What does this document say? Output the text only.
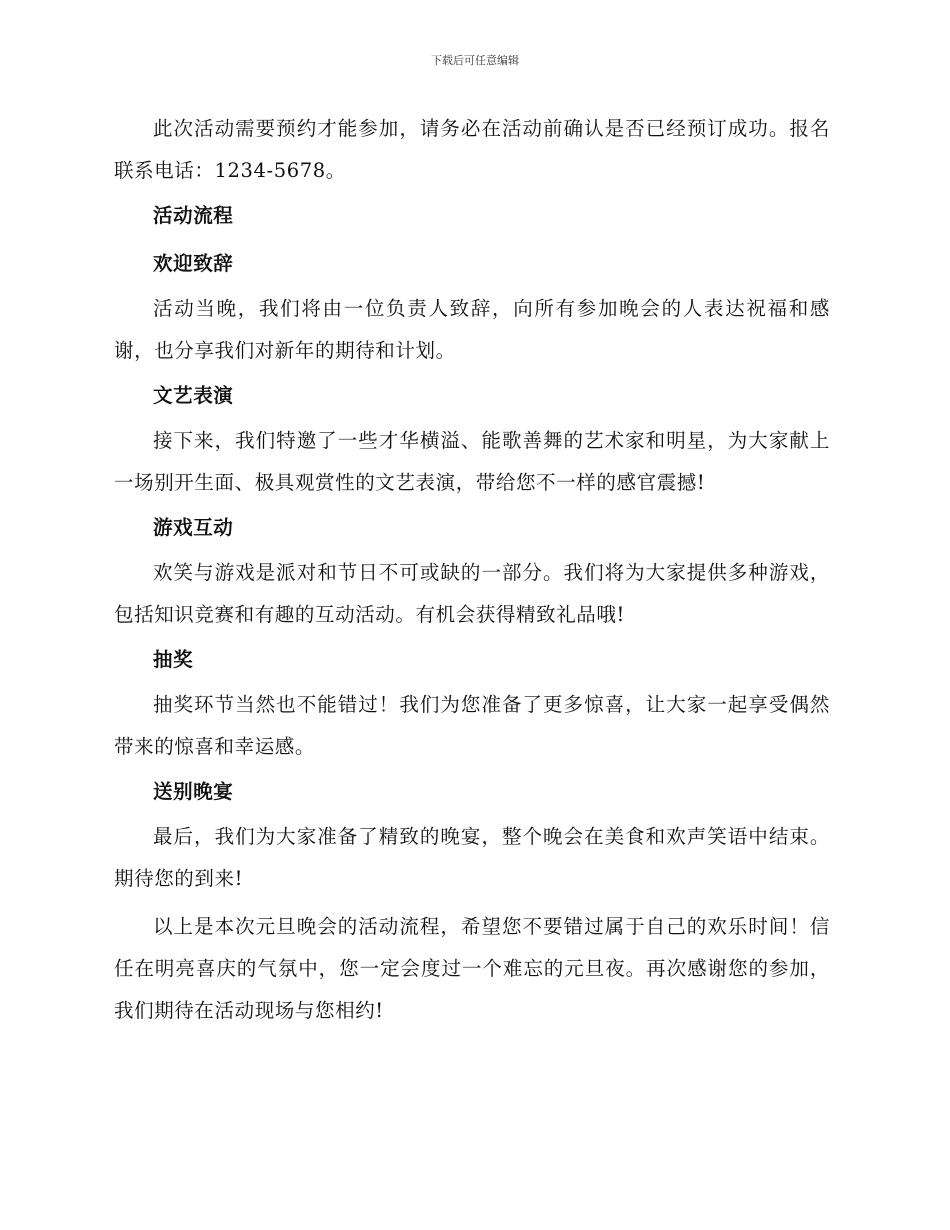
下载后可任意编辑

此次活动需要预约才能参加，请务必在活动前确认是否已经预订成功。报名联系电话：1234-5678。

活动流程

欢迎致辞

活动当晚，我们将由一位负责人致辞，向所有参加晚会的人表达祝福和感谢，也分享我们对新年的期待和计划。

文艺表演

接下来，我们特邀了一些才华横溢、能歌善舞的艺术家和明星，为大家献上一场别开生面、极具观赏性的文艺表演，带给您不一样的感官震撼!

游戏互动

欢笑与游戏是派对和节日不可或缺的一部分。我们将为大家提供多种游戏，包括知识竞赛和有趣的互动活动。有机会获得精致礼品哦!

抽奖

抽奖环节当然也不能错过！我们为您准备了更多惊喜，让大家一起享受偶然带来的惊喜和幸运感。

送别晚宴

最后，我们为大家准备了精致的晚宴，整个晚会在美食和欢声笑语中结束。期待您的到来!

以上是本次元旦晚会的活动流程，希望您不要错过属于自己的欢乐时间！信任在明亮喜庆的气氛中，您一定会度过一个难忘的元旦夜。再次感谢您的参加，我们期待在活动现场与您相约!
